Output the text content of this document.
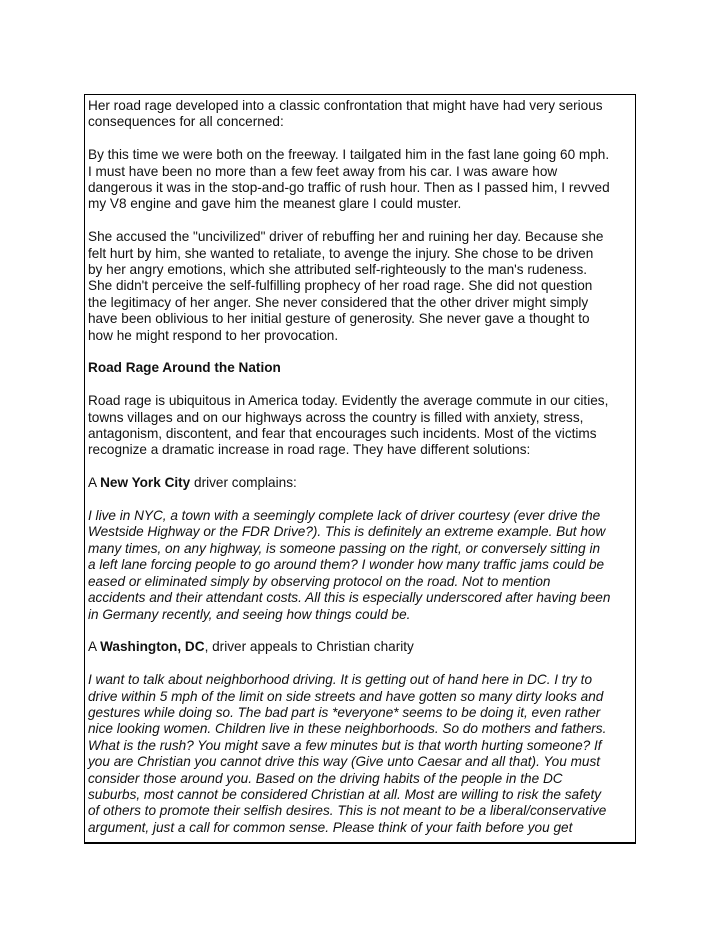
Her road rage developed into a classic confrontation that might have had very serious
consequences for all concerned:

By this time we were both on the freeway. I tailgated him in the fast lane going 60 mph.
I must have been no more than a few feet away from his car. I was aware how
dangerous it was in the stop-and-go traffic of rush hour. Then as I passed him, I revved
my V8 engine and gave him the meanest glare I could muster.

She accused the "uncivilized" driver of rebuffing her and ruining her day. Because she
felt hurt by him, she wanted to retaliate, to avenge the injury. She chose to be driven
by her angry emotions, which she attributed self-righteously to the man's rudeness.
She didn't perceive the self-fulfilling prophecy of her road rage. She did not question
the legitimacy of her anger. She never considered that the other driver might simply
have been oblivious to her initial gesture of generosity. She never gave a thought to
how he might respond to her provocation.

Road Rage Around the Nation

Road rage is ubiquitous in America today. Evidently the average commute in our cities,
towns villages and on our highways across the country is filled with anxiety, stress,
antagonism, discontent, and fear that encourages such incidents. Most of the victims
recognize a dramatic increase in road rage. They have different solutions:

A New York City driver complains:

I live in NYC, a town with a seemingly complete lack of driver courtesy (ever drive the
Westside Highway or the FDR Drive?). This is definitely an extreme example. But how
many times, on any highway, is someone passing on the right, or conversely sitting in
a left lane forcing people to go around them? I wonder how many traffic jams could be
eased or eliminated simply by observing protocol on the road. Not to mention
accidents and their attendant costs. All this is especially underscored after having been
in Germany recently, and seeing how things could be.

A Washington, DC, driver appeals to Christian charity

I want to talk about neighborhood driving. It is getting out of hand here in DC. I try to
drive within 5 mph of the limit on side streets and have gotten so many dirty looks and
gestures while doing so. The bad part is *everyone* seems to be doing it, even rather
nice looking women. Children live in these neighborhoods. So do mothers and fathers.
What is the rush? You might save a few minutes but is that worth hurting someone? If
you are Christian you cannot drive this way (Give unto Caesar and all that). You must
consider those around you. Based on the driving habits of the people in the DC
suburbs, most cannot be considered Christian at all. Most are willing to risk the safety
of others to promote their selfish desires. This is not meant to be a liberal/conservative
argument, just a call for common sense. Please think of your faith before you get
